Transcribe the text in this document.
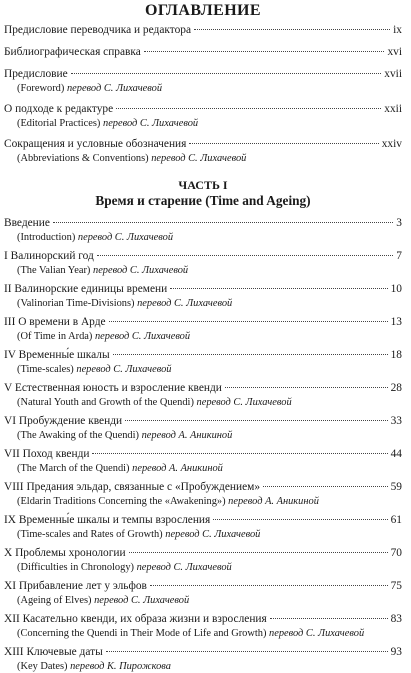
ОГЛАВЛЕНИЕ
Предисловие переводчика и редактора	ix
Библиографическая справка	xvi
Предисловие	xvii
(Foreword) перевод С. Лихачевой
О подходе к редактуре	xxii
(Editorial Practices) перевод С. Лихачевой
Сокращения и условные обозначения	xxiv
(Abbreviations & Conventions) перевод С. Лихачевой
ЧАСТЬ I
Время и старение (Time and Ageing)
Введение	3
(Introduction) перевод С. Лихачевой
I Валинорский год	7
(The Valian Year) перевод С. Лихачевой
II Валинорские единицы времени	10
(Valinorian Time-Divisions) перевод С. Лихачевой
III О времени в Арде	13
(Of Time in Arda) перевод С. Лихачевой
IV Временны́е шкалы	18
(Time-scales) перевод С. Лихачевой
V Естественная юность и взросление квенди	28
(Natural Youth and Growth of the Quendi) перевод С. Лихачевой
VI Пробуждение квенди	33
(The Awaking of the Quendi) перевод А. Аникиной
VII Поход квенди	44
(The March of the Quendi) перевод А. Аникиной
VIII Предания эльдар, связанные с «Пробуждением»	59
(Eldarin Traditions Concerning the «Awakening») перевод А. Аникиной
IX Временны́е шкалы и темпы взросления	61
(Time-scales and Rates of Growth) перевод С. Лихачевой
X Проблемы хронологии	70
(Difficulties in Chronology) перевод С. Лихачевой
XI Прибавление лет у эльфов	75
(Ageing of Elves) перевод С. Лихачевой
XII Касательно квенди, их образа жизни и взросления	83
(Concerning the Quendi in Their Mode of Life and Growth) перевод С. Лихачевой
XIII Ключевые даты	93
(Key Dates) перевод К. Пирожкова
